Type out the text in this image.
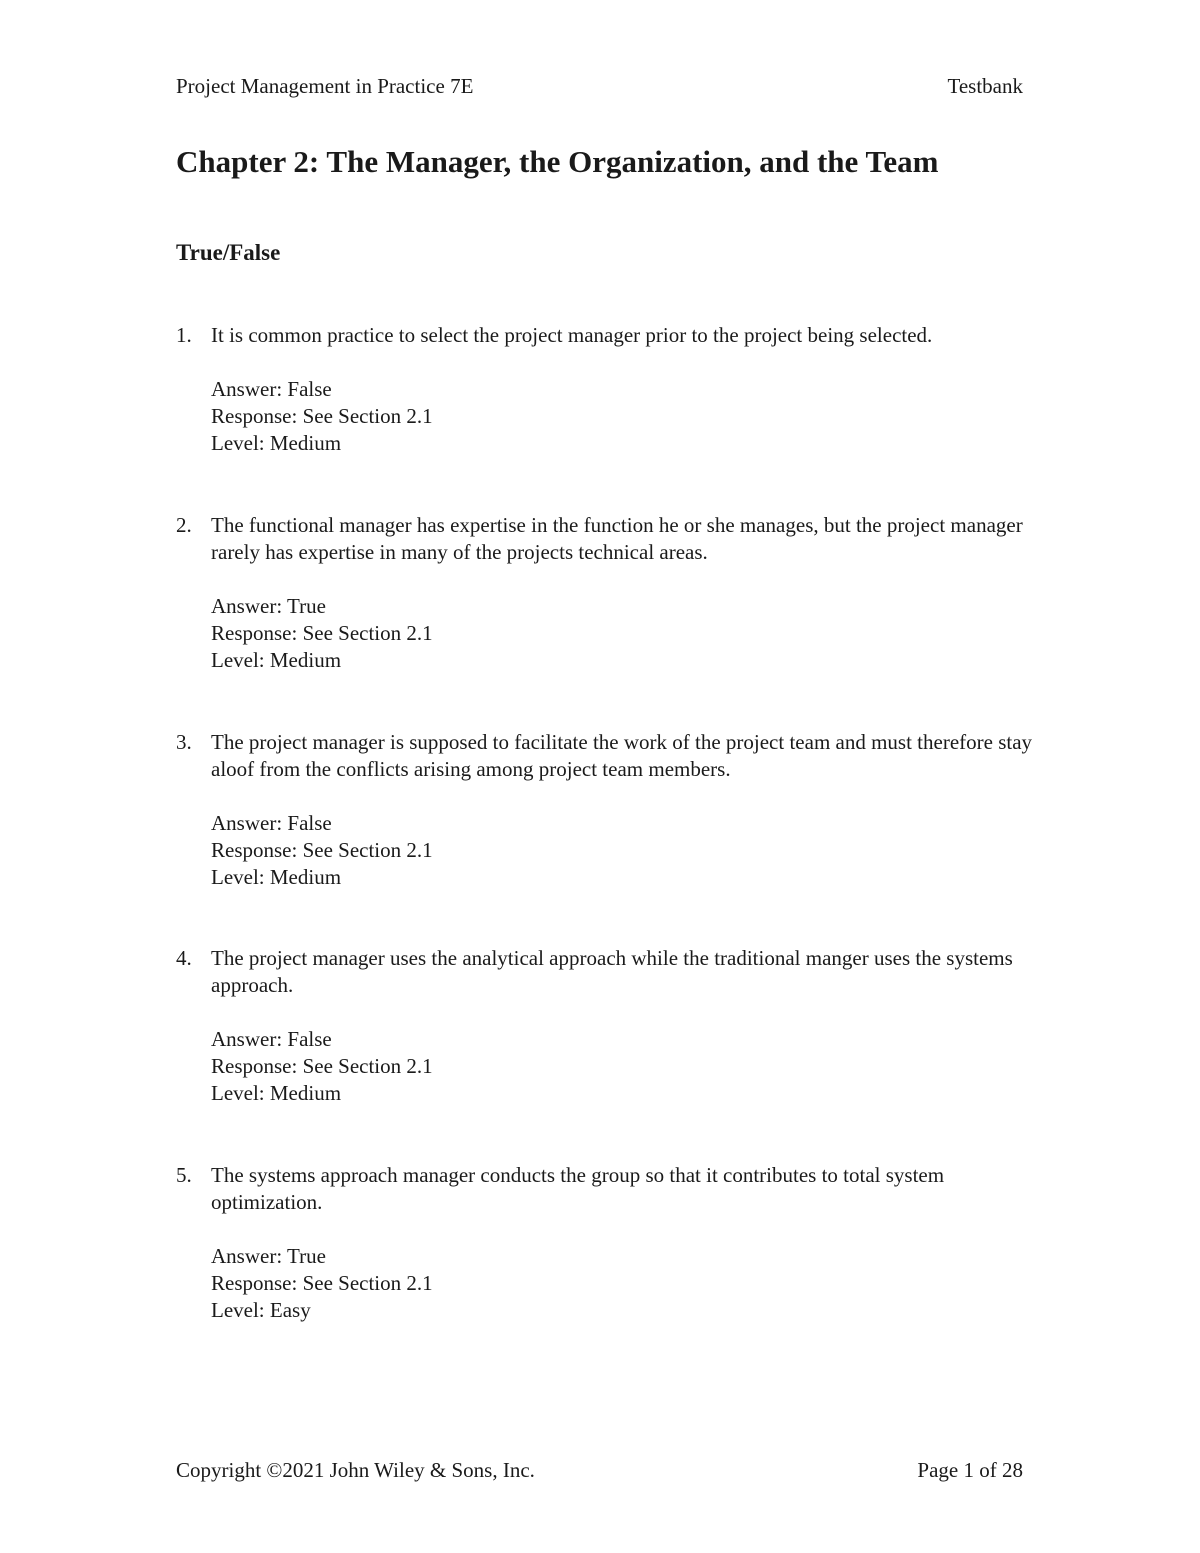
Project Management in Practice 7E	Testbank
Chapter 2: The Manager, the Organization, and the Team
True/False
1. It is common practice to select the project manager prior to the project being selected.
Answer: False
Response: See Section 2.1
Level: Medium
2. The functional manager has expertise in the function he or she manages, but the project manager rarely has expertise in many of the projects technical areas.
Answer: True
Response: See Section 2.1
Level: Medium
3. The project manager is supposed to facilitate the work of the project team and must therefore stay aloof from the conflicts arising among project team members.
Answer: False
Response: See Section 2.1
Level: Medium
4. The project manager uses the analytical approach while the traditional manger uses the systems approach.
Answer: False
Response: See Section 2.1
Level: Medium
5. The systems approach manager conducts the group so that it contributes to total system optimization.
Answer: True
Response: See Section 2.1
Level: Easy
Copyright ©2021 John Wiley & Sons, Inc.	Page 1 of 28
